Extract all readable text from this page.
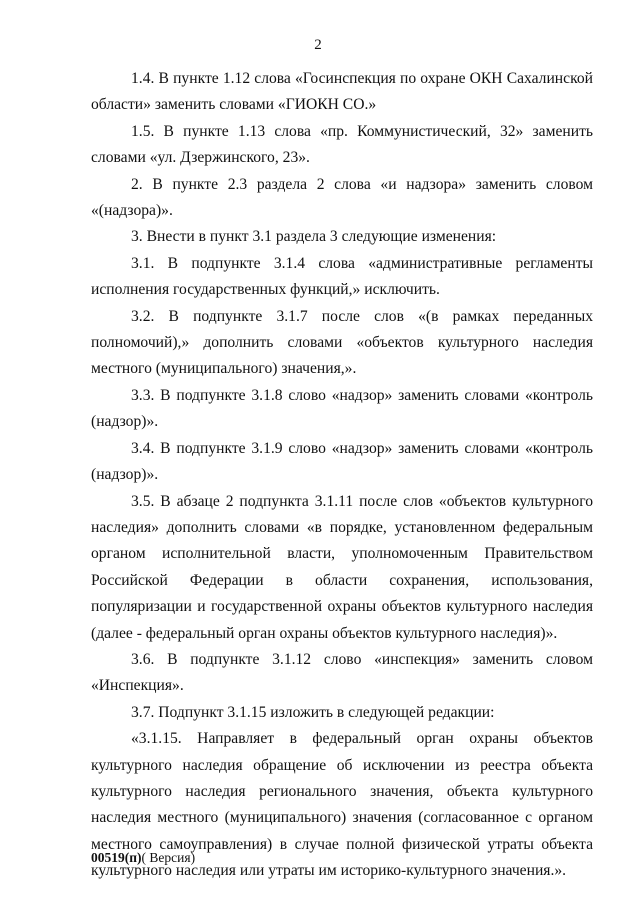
2

1.4. В пункте 1.12 слова «Госинспекция по охране ОКН Сахалинской области» заменить словами «ГИОКН СО.»

1.5. В пункте 1.13 слова «пр. Коммунистический, 32» заменить словами «ул. Дзержинского, 23».

2. В пункте 2.3 раздела 2 слова «и надзора» заменить словом «(надзора)».

3. Внести в пункт 3.1 раздела 3 следующие изменения:

3.1. В подпункте 3.1.4 слова «административные регламенты исполнения государственных функций,» исключить.

3.2. В подпункте 3.1.7 после слов «(в рамках переданных полномочий),» дополнить словами «объектов культурного наследия местного (муниципального) значения,».

3.3. В подпункте 3.1.8 слово «надзор» заменить словами «контроль (надзор)».

3.4. В подпункте 3.1.9 слово «надзор» заменить словами «контроль (надзор)».

3.5. В абзаце 2 подпункта 3.1.11 после слов «объектов культурного наследия» дополнить словами «в порядке, установленном федеральным органом исполнительной власти, уполномоченным Правительством Российской Федерации в области сохранения, использования, популяризации и государственной охраны объектов культурного наследия (далее - федеральный орган охраны объектов культурного наследия)».

3.6. В подпункте 3.1.12 слово «инспекция» заменить словом «Инспекция».

3.7. Подпункт 3.1.15 изложить в следующей редакции:

«3.1.15. Направляет в федеральный орган охраны объектов культурного наследия обращение об исключении из реестра объекта культурного наследия регионального значения, объекта культурного наследия местного (муниципального) значения (согласованное с органом местного самоуправления) в случае полной физической утраты объекта культурного наследия или утраты им историко-культурного значения.».

00519(п)( Версия)
